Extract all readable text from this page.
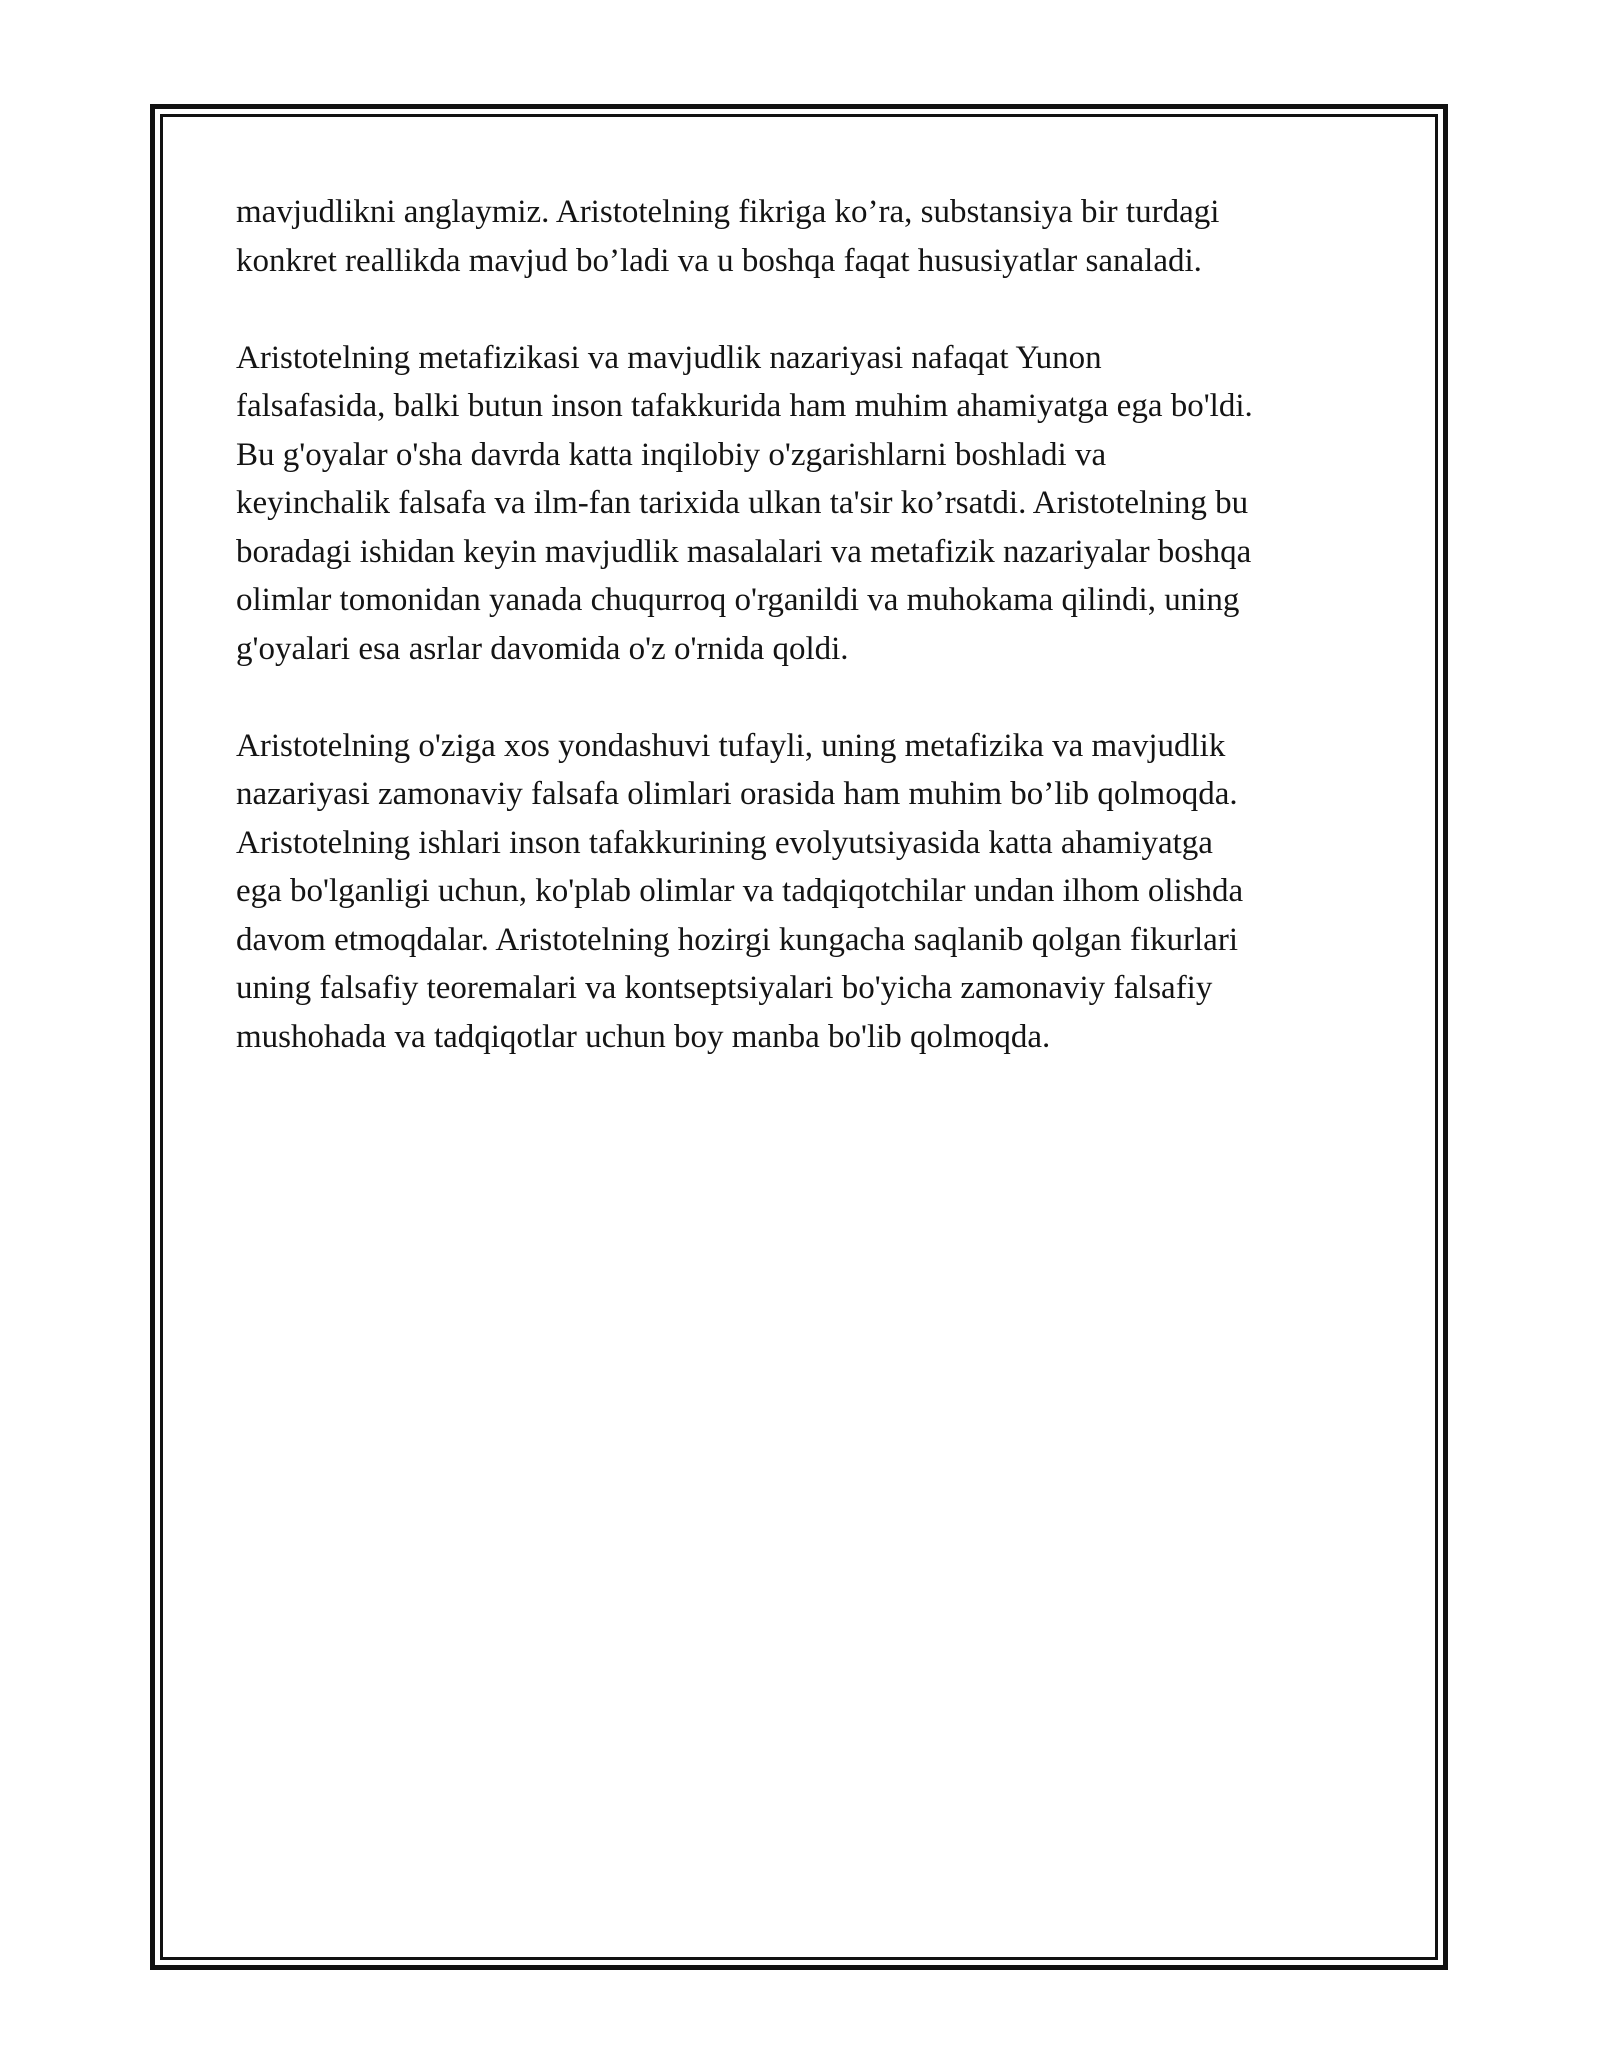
mavjudlikni anglaymiz. Aristotelning fikriga ko’ra, substansiya bir turdagi
konkret reallikda mavjud bo’ladi va u boshqa faqat hususiyatlar sanaladi.
Aristotelning metafizikasi va mavjudlik nazariyasi nafaqat Yunon
falsafasida, balki butun inson tafakkurida ham muhim ahamiyatga ega bo'ldi.
Bu g'oyalar o'sha davrda katta inqilobiy o'zgarishlarni boshladi va
keyinchalik falsafa va ilm-fan tarixida ulkan ta'sir ko’rsatdi. Aristotelning bu
boradagi ishidan keyin mavjudlik masalalari va metafizik nazariyalar boshqa
olimlar tomonidan yanada chuqurroq o'rganildi va muhokama qilindi, uning
g'oyalari esa asrlar davomida o'z o'rnida qoldi.
Aristotelning o'ziga xos yondashuvi tufayli, uning metafizika va mavjudlik
nazariyasi zamonaviy falsafa olimlari orasida ham muhim bo’lib qolmoqda.
Aristotelning ishlari inson tafakkurining evolyutsiyasida katta ahamiyatga
ega bo'lganligi uchun, ko'plab olimlar va tadqiqotchilar undan ilhom olishda
davom etmoqdalar. Aristotelning hozirgi kungacha saqlanib qolgan fikurlari
uning falsafiy teoremalari va kontseptsiyalari bo'yicha zamonaviy falsafiy
mushohada va tadqiqotlar uchun boy manba bo'lib qolmoqda.
